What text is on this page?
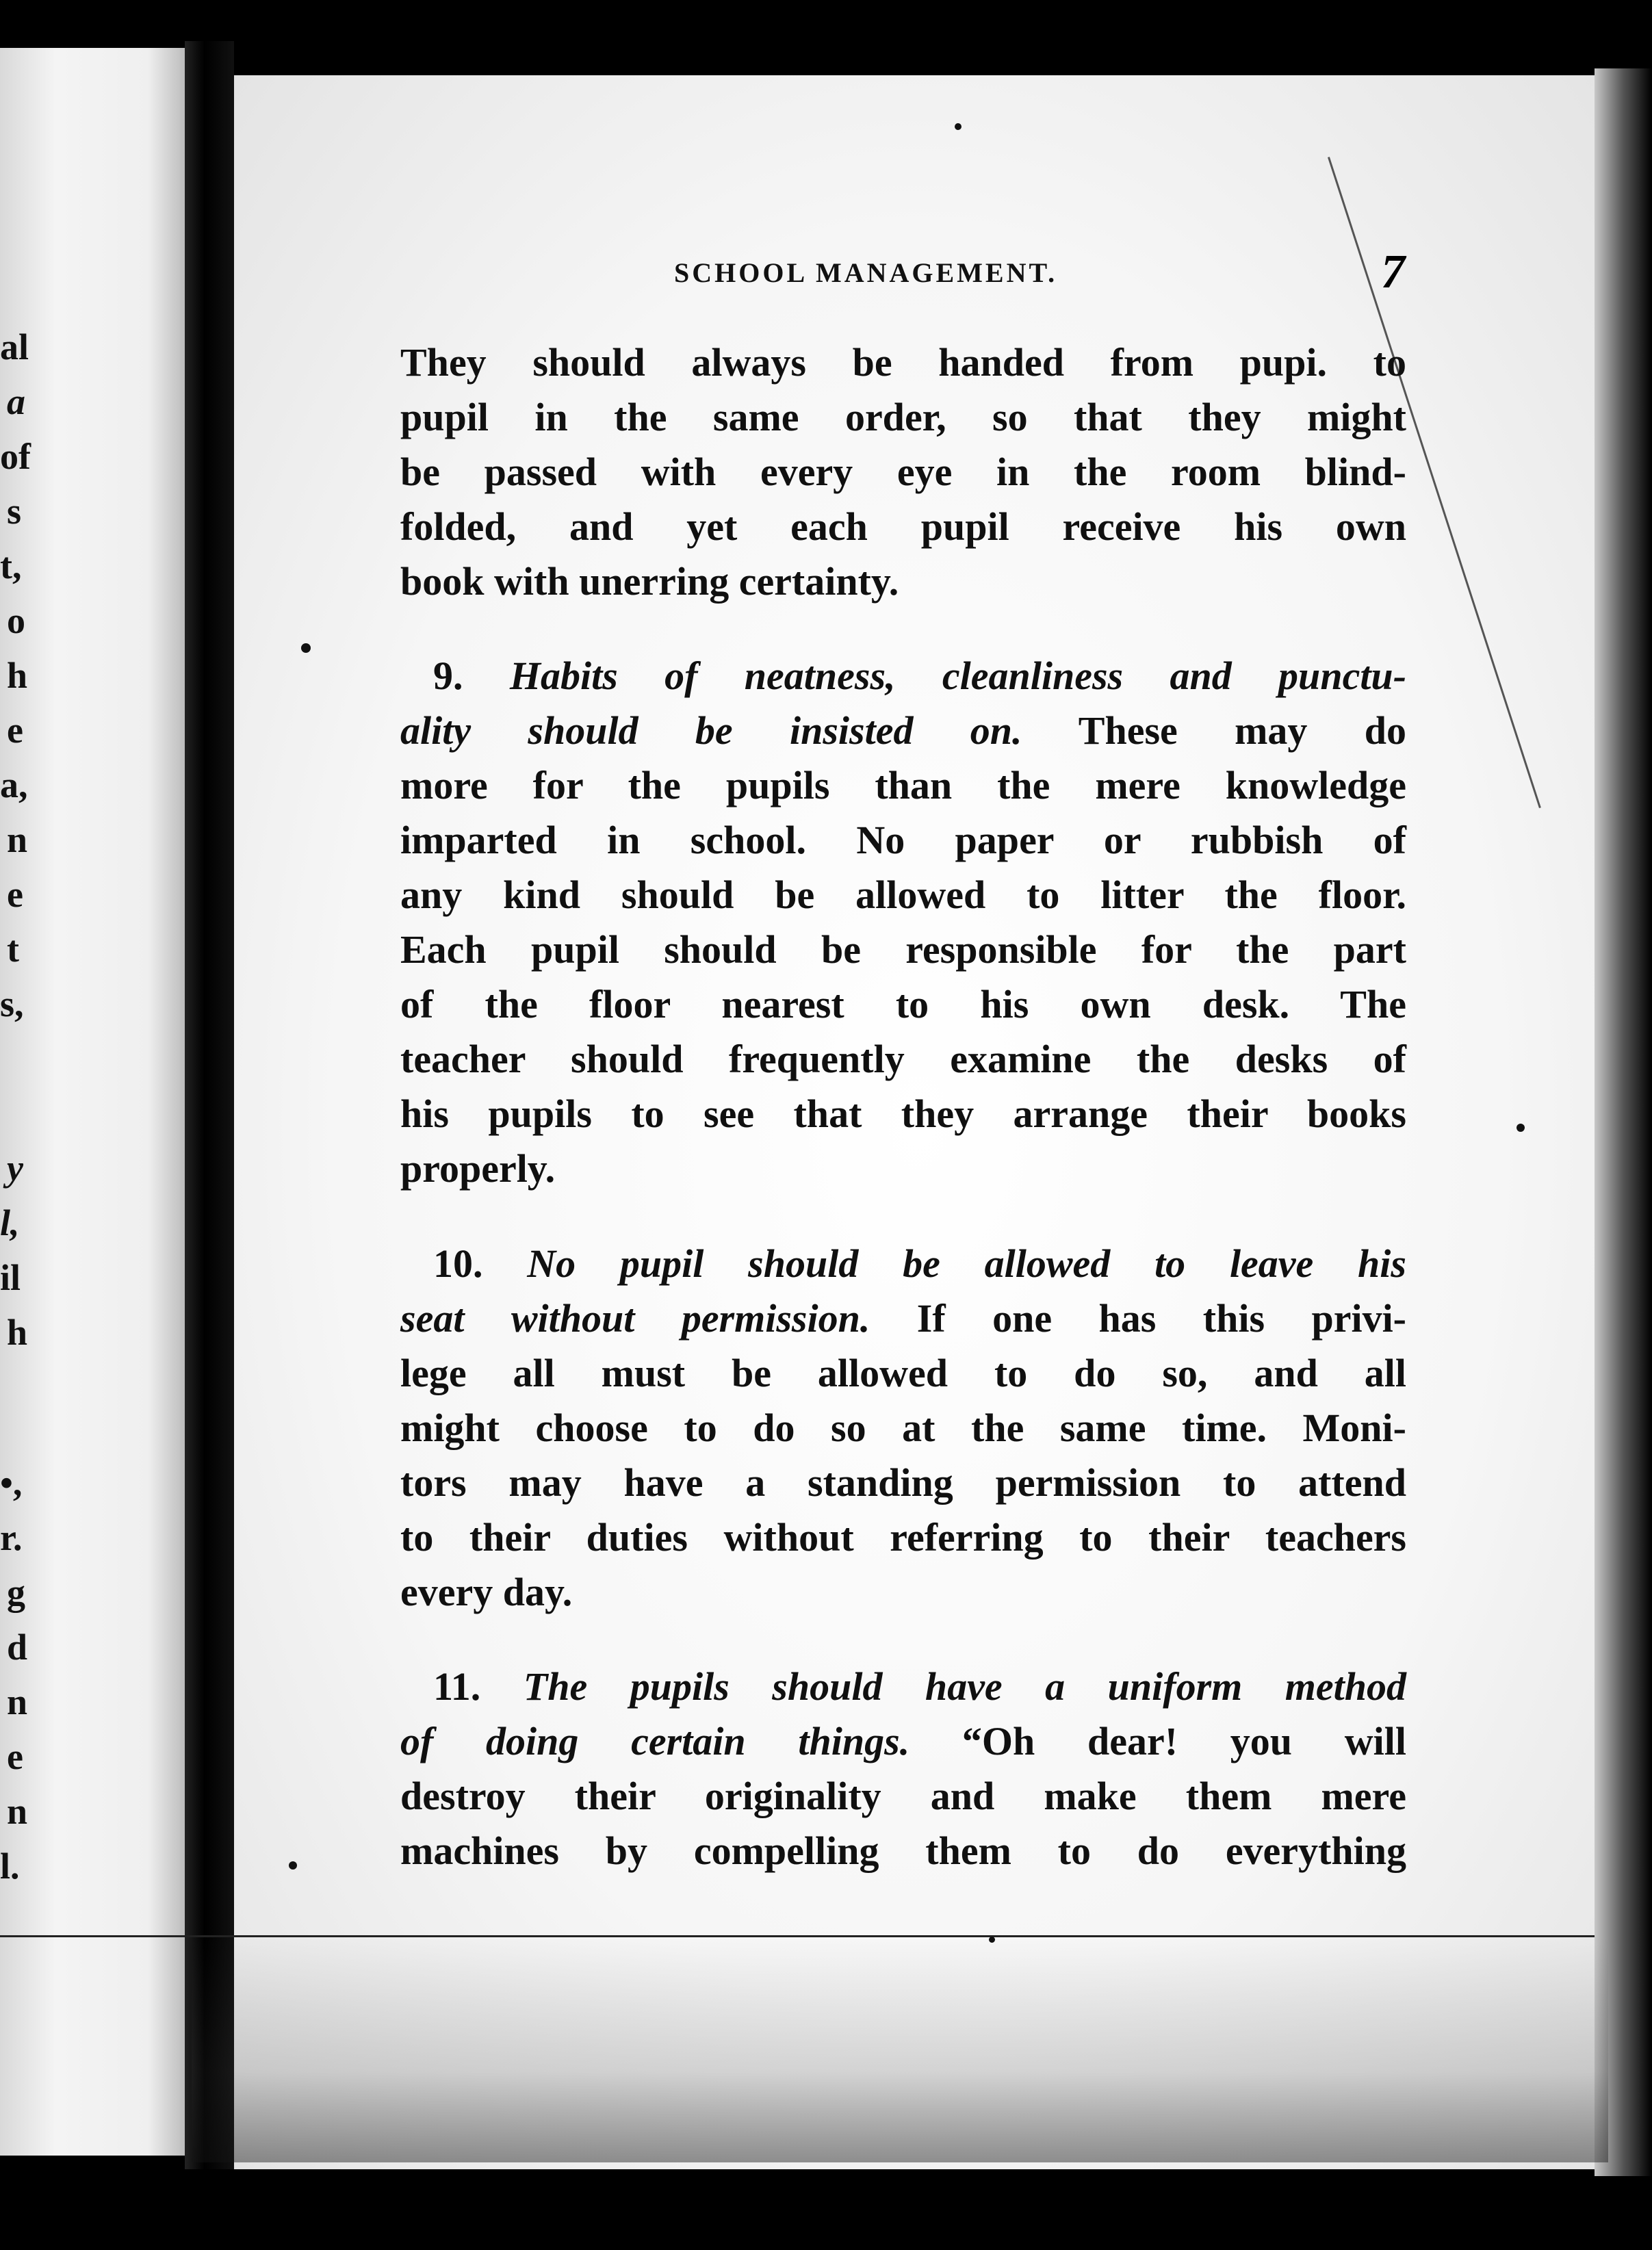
al
a
of
s
t,
o
h
e
a,
n
e
t
s,
y
l,
il
h
•,
r.
g
d
n
e
n
l.
SCHOOL MANAGEMENT.	7
They should always be handed from pupi. to
pupil in the same order, so that they might
be passed with every eye in the room blind-
folded, and yet each pupil receive his own
book with unerring certainty.
9. Habits of neatness, cleanliness and punctu-
ality should be insisted on. These may do
more for the pupils than the mere knowledge
imparted in school. No paper or rubbish of
any kind should be allowed to litter the floor.
Each pupil should be responsible for the part
of the floor nearest to his own desk. The
teacher should frequently examine the desks of
his pupils to see that they arrange their books
properly.
10. No pupil should be allowed to leave his
seat without permission. If one has this privi-
lege all must be allowed to do so, and all
might choose to do so at the same time. Moni-
tors may have a standing permission to attend
to their duties without referring to their teachers
every day.
11. The pupils should have a uniform method
of doing certain things. “Oh dear! you will
destroy their originality and make them mere
machines by compelling them to do everything
